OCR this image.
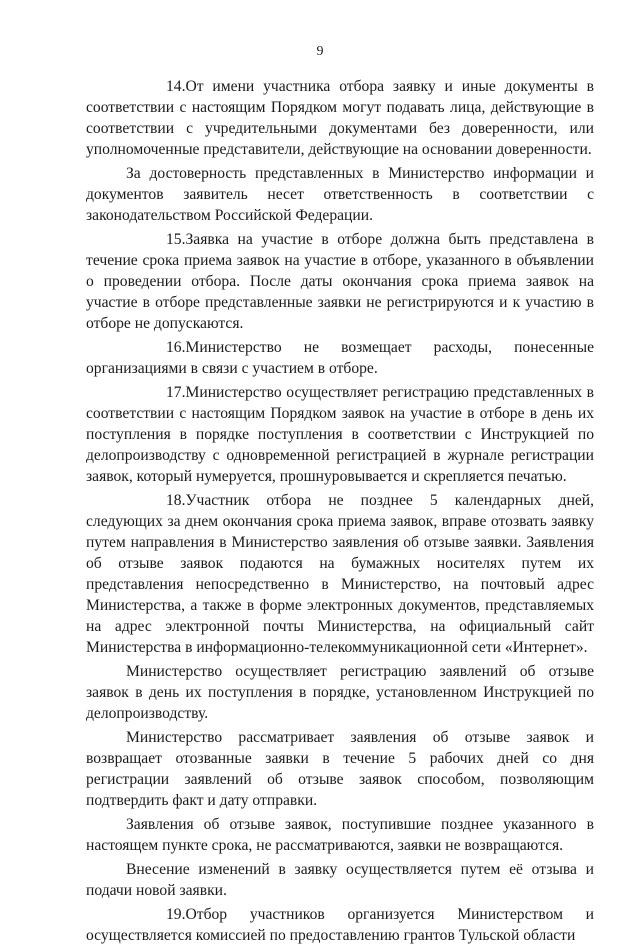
9

14.От имени участника отбора заявку и иные документы в соответствии с настоящим Порядком могут подавать лица, действующие в соответствии с учредительными документами без доверенности, или уполномоченные представители, действующие на основании доверенности.

За достоверность представленных в Министерство информации и документов заявитель несет ответственность в соответствии с законодательством Российской Федерации.

15.Заявка на участие в отборе должна быть представлена в течение срока приема заявок на участие в отборе, указанного в объявлении о проведении отбора. После даты окончания срока приема заявок на участие в отборе представленные заявки не регистрируются и к участию в отборе не допускаются.

16.Министерство не возмещает расходы, понесенные организациями в связи с участием в отборе.

17.Министерство осуществляет регистрацию представленных в соответствии с настоящим Порядком заявок на участие в отборе в день их поступления в порядке поступления в соответствии с Инструкцией по делопроизводству с одновременной регистрацией в журнале регистрации заявок, который нумеруется, прошнуровывается и скрепляется печатью.

18.Участник отбора не позднее 5 календарных дней, следующих за днем окончания срока приема заявок, вправе отозвать заявку путем направления в Министерство заявления об отзыве заявки. Заявления об отзыве заявок подаются на бумажных носителях путем их представления непосредственно в Министерство, на почтовый адрес Министерства, а также в форме электронных документов, представляемых на адрес электронной почты Министерства, на официальный сайт Министерства в информационно-телекоммуникационной сети «Интернет».

Министерство осуществляет регистрацию заявлений об отзыве заявок в день их поступления в порядке, установленном Инструкцией по делопроизводству.

Министерство рассматривает заявления об отзыве заявок и возвращает отозванные заявки в течение 5 рабочих дней со дня регистрации заявлений об отзыве заявок способом, позволяющим подтвердить факт и дату отправки.

Заявления об отзыве заявок, поступившие позднее указанного в настоящем пункте срока, не рассматриваются, заявки не возвращаются.

Внесение изменений в заявку осуществляется путем её отзыва и подачи новой заявки.

19.Отбор участников организуется Министерством и осуществляется комиссией по предоставлению грантов Тульской области
